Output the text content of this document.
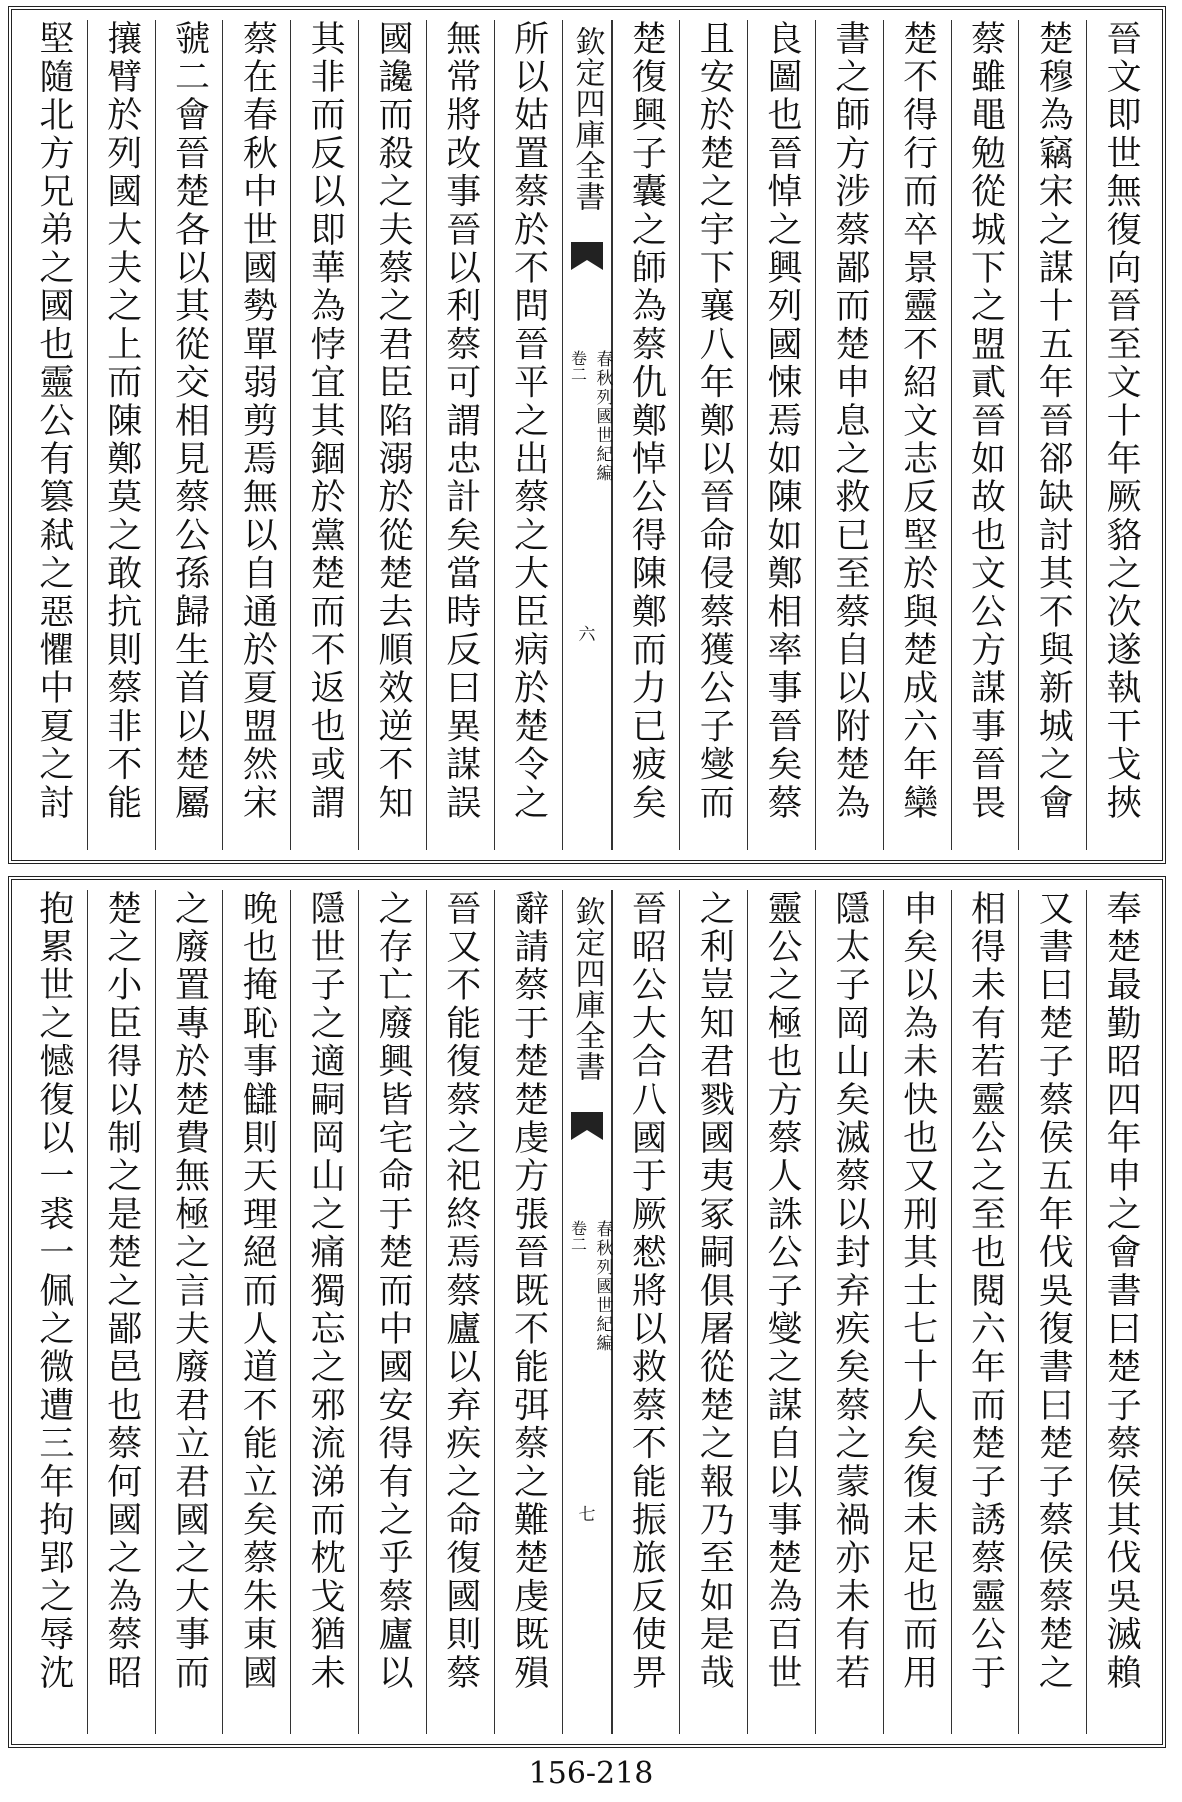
晉文即世無復向晉至文十年厥貉之次遂執干戈挾
楚穆為竊宋之謀十五年晉郤缺討其不與新城之會
蔡雖黽勉從城下之盟貳晉如故也文公方謀事晉畏
楚不得行而卒景靈不紹文志反堅於與楚成六年欒
書之師方涉蔡鄙而楚申息之救已至蔡自以附楚為
良圖也晉悼之興列國悚焉如陳如鄭相率事晉矣蔡
且安於楚之宇下襄八年鄭以晉命侵蔡獲公子燮而
楚復興子囊之師為蔡仇鄭悼公得陳鄭而力已疲矣
欽定四庫全書
春秋列國世紀編
卷二
六
所以姑置蔡於不問晉平之出蔡之大臣病於楚令之
無常將改事晉以利蔡可謂忠計矣當時反曰異謀誤
國讒而殺之夫蔡之君臣陷溺於從楚去順效逆不知
其非而反以即華為悖宜其錮於黨楚而不返也或謂
蔡在春秋中世國勢單弱剪焉無以自通於夏盟然宋
虢二會晉楚各以其從交相見蔡公孫歸生首以楚屬
攘臂於列國大夫之上而陳鄭莫之敢抗則蔡非不能
堅隨北方兄弟之國也靈公有篡弒之惡懼中夏之討
奉楚最勤昭四年申之會書曰楚子蔡侯其伐吳滅賴
又書曰楚子蔡侯五年伐吳復書曰楚子蔡侯蔡楚之
相得未有若靈公之至也閱六年而楚子誘蔡靈公于
申矣以為未快也又刑其士七十人矣復未足也而用
隱太子岡山矣滅蔡以封弃疾矣蔡之蒙禍亦未有若
靈公之極也方蔡人誅公子燮之謀自以事楚為百世
之利豈知君戮國夷冢嗣俱屠從楚之報乃至如是哉
晉昭公大合八國于厥憖將以救蔡不能振旅反使畀
欽定四庫全書
春秋列國世紀編
卷二
七
辭請蔡于楚楚虔方張晉既不能弭蔡之難楚虔既殞
晉又不能復蔡之祀終焉蔡廬以弃疾之命復國則蔡
之存亡廢興皆宅命于楚而中國安得有之乎蔡廬以
隱世子之適嗣岡山之痛獨忘之邪流涕而枕戈猶未
晚也掩恥事讎則天理絕而人道不能立矣蔡朱東國
之廢置專於楚費無極之言夫廢君立君國之大事而
楚之小臣得以制之是楚之鄙邑也蔡何國之為蔡昭
抱累世之憾復以一裘一佩之微遭三年拘郢之辱沈
156-218
